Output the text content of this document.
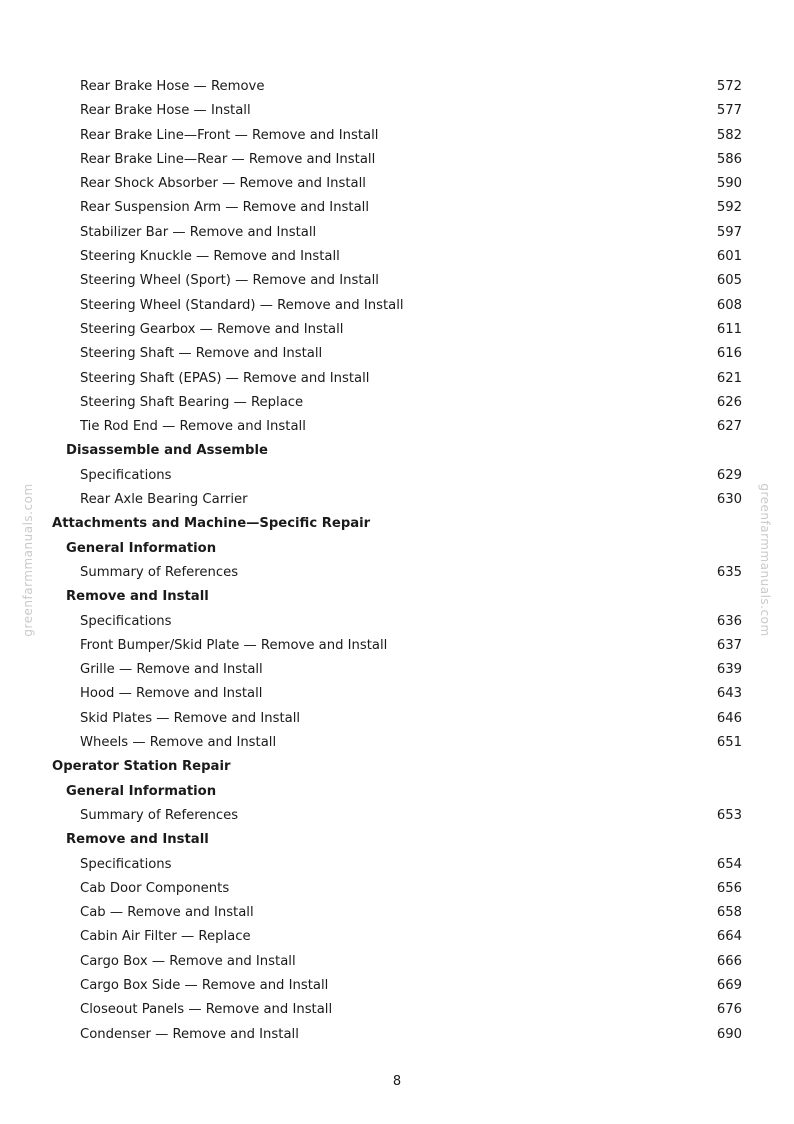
Rear Brake Hose — Remove	572
Rear Brake Hose — Install	577
Rear Brake Line—Front — Remove and Install	582
Rear Brake Line—Rear — Remove and Install	586
Rear Shock Absorber — Remove and Install	590
Rear Suspension Arm — Remove and Install	592
Stabilizer Bar — Remove and Install	597
Steering Knuckle — Remove and Install	601
Steering Wheel (Sport) — Remove and Install	605
Steering Wheel (Standard) — Remove and Install	608
Steering Gearbox — Remove and Install	611
Steering Shaft — Remove and Install	616
Steering Shaft (EPAS) — Remove and Install	621
Steering Shaft Bearing — Replace	626
Tie Rod End — Remove and Install	627
Disassemble and Assemble
Specifications	629
Rear Axle Bearing Carrier	630
Attachments and Machine—Specific Repair
General Information
Summary of References	635
Remove and Install
Specifications	636
Front Bumper/Skid Plate — Remove and Install	637
Grille — Remove and Install	639
Hood — Remove and Install	643
Skid Plates — Remove and Install	646
Wheels — Remove and Install	651
Operator Station Repair
General Information
Summary of References	653
Remove and Install
Specifications	654
Cab Door Components	656
Cab — Remove and Install	658
Cabin Air Filter — Replace	664
Cargo Box — Remove and Install	666
Cargo Box Side — Remove and Install	669
Closeout Panels — Remove and Install	676
Condenser — Remove and Install	690
greenfarmmanuals.com	greenfarmmanuals.com
8
